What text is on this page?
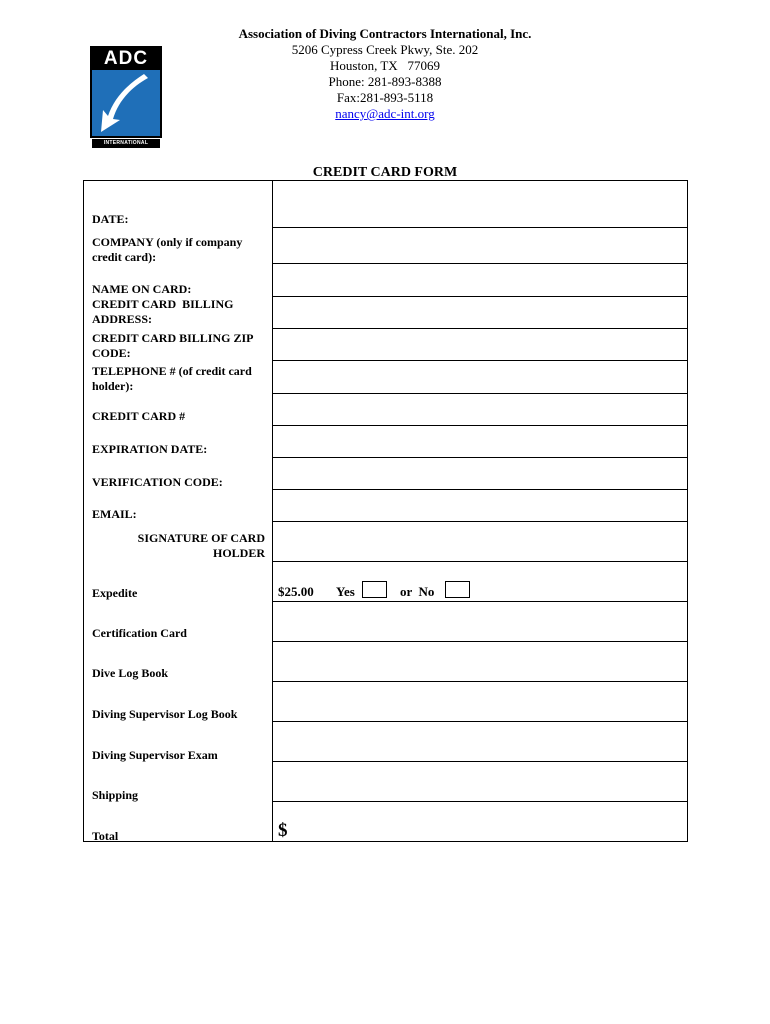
ADC
INTERNATIONAL
Association of Diving Contractors International, Inc.
5206 Cypress Creek Pkwy, Ste. 202
Houston, TX   77069
Phone: 281-893-8388
Fax:281-893-5118
nancy@adc-int.org
CREDIT CARD FORM
DATE:
COMPANY (only if company
credit card):
NAME ON CARD:
CREDIT CARD  BILLING
ADDRESS:
CREDIT CARD BILLING ZIP
CODE:
TELEPHONE # (of credit card
holder):
CREDIT CARD #
EXPIRATION DATE:
VERIFICATION CODE:
EMAIL:
SIGNATURE OF CARD
HOLDER
Expedite
Certification Card
Dive Log Book
Diving Supervisor Log Book
Diving Supervisor Exam
Shipping
Total
$25.00 Yes	or  No
$
